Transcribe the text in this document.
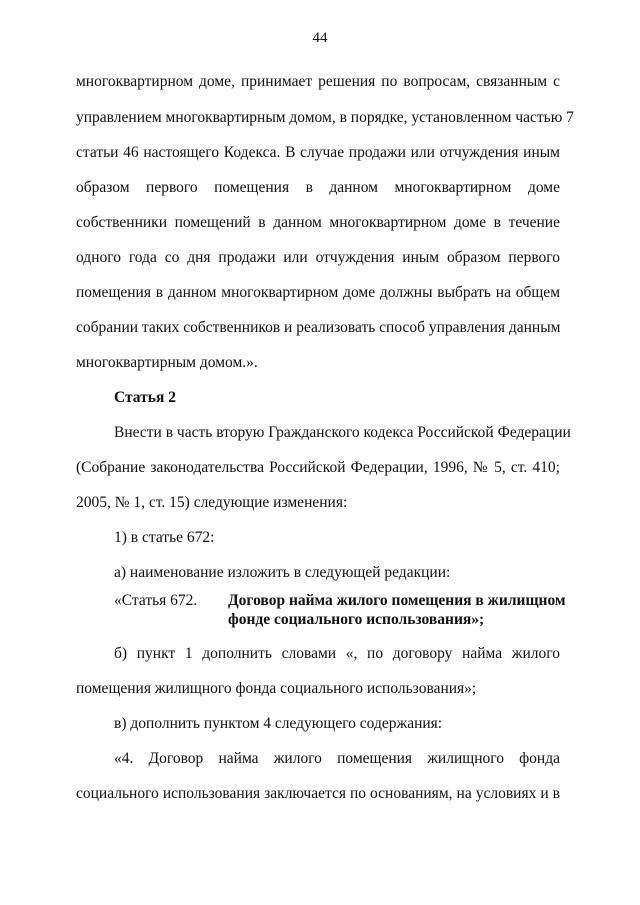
44
многоквартирном доме, принимает решения по вопросам, связанным с
управлением многоквартирным домом, в порядке, установленном частью 7
статьи 46 настоящего Кодекса. В случае продажи или отчуждения иным
образом первого помещения в данном многоквартирном доме
собственники помещений в данном многоквартирном доме в течение
одного года со дня продажи или отчуждения иным образом первого
помещения в данном многоквартирном доме должны выбрать на общем
собрании таких собственников и реализовать способ управления данным
многоквартирным домом.».
Статья 2
Внести в часть вторую Гражданского кодекса Российской Федерации
(Собрание законодательства Российской Федерации, 1996, № 5, ст. 410;
2005, № 1, ст. 15) следующие изменения:
1) в статье 672:
а) наименование изложить в следующей редакции:
«Статья 672. Договор найма жилого помещения в жилищном
фонде социального использования»;
б) пункт 1 дополнить словами «, по договору найма жилого
помещения жилищного фонда социального использования»;
в) дополнить пунктом 4 следующего содержания:
«4. Договор найма жилого помещения жилищного фонда
социального использования заключается по основаниям, на условиях и в
